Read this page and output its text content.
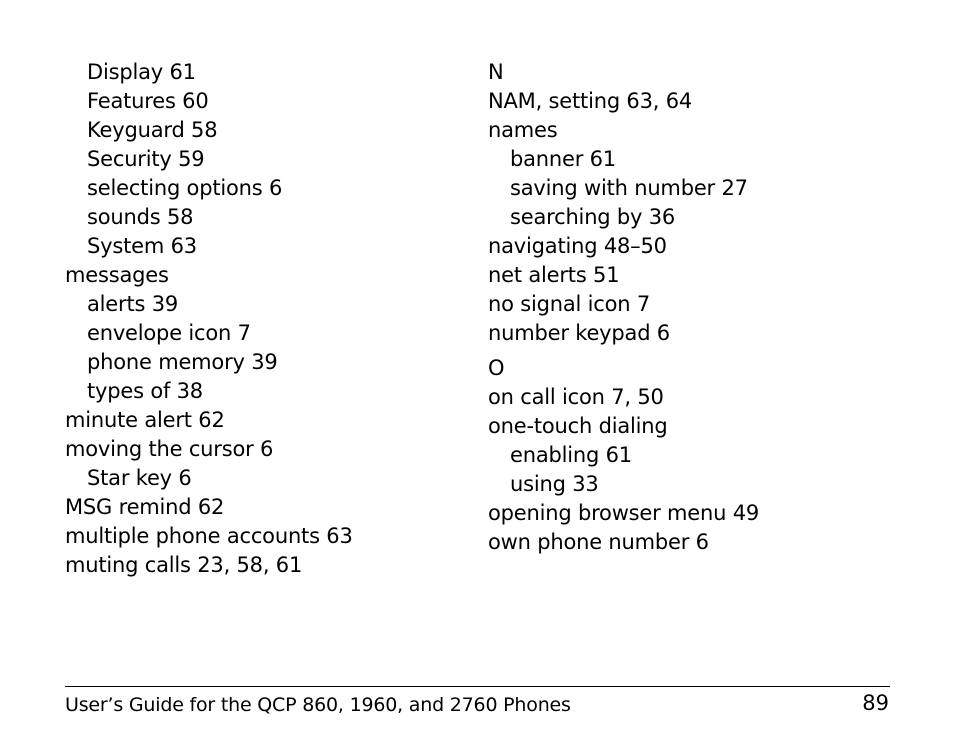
Display 61
Features 60
Keyguard 58
Security 59
selecting options 6
sounds 58
System 63
messages
alerts 39
envelope icon 7
phone memory 39
types of 38
minute alert 62
moving the cursor 6
Star key 6
MSG remind 62
multiple phone accounts 63
muting calls 23, 58, 61
N
NAM, setting 63, 64
names
banner 61
saving with number 27
searching by 36
navigating 48–50
net alerts 51
no signal icon 7
number keypad 6
O
on call icon 7, 50
one-touch dialing
enabling 61
using 33
opening browser menu 49
own phone number 6
User’s Guide for the QCP 860, 1960, and 2760 Phones	89
